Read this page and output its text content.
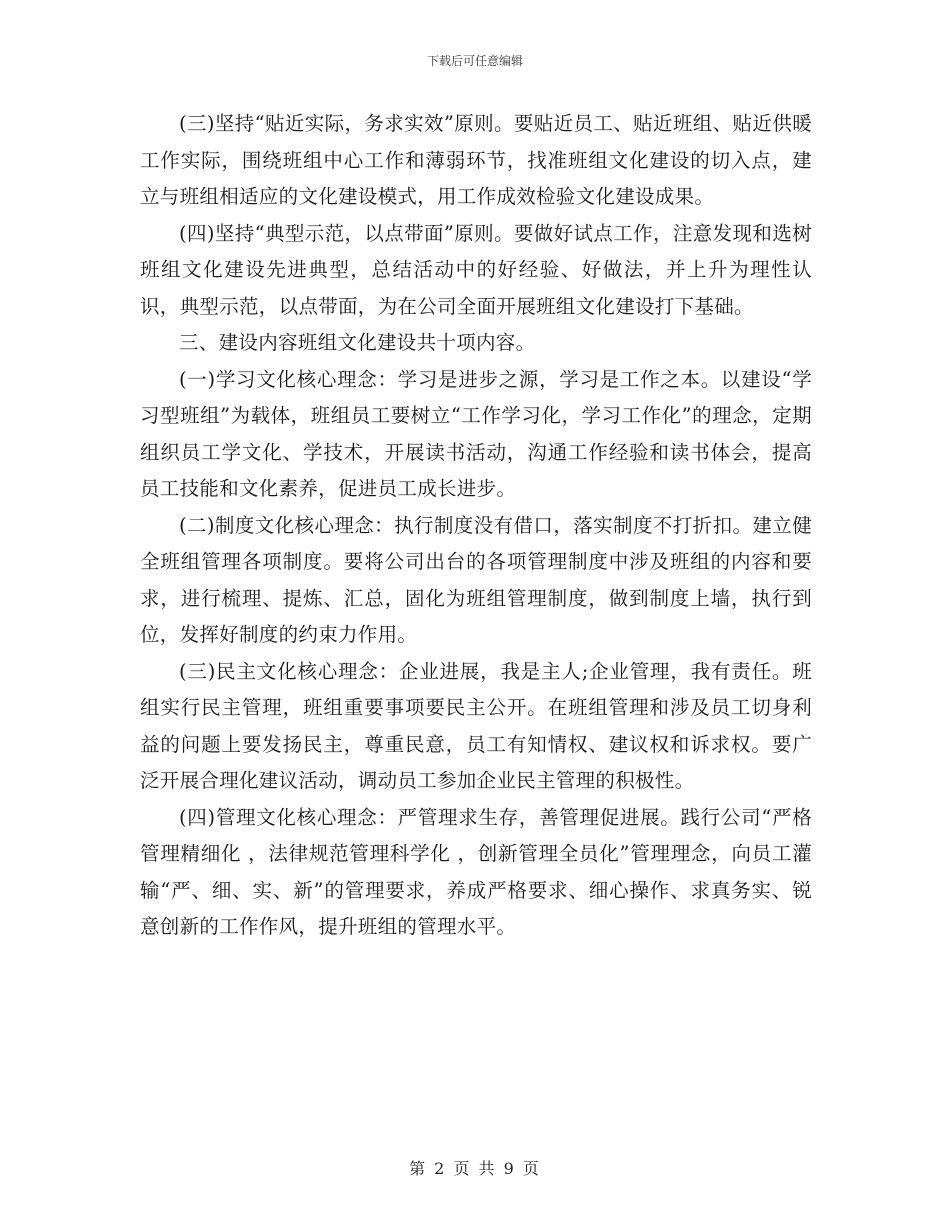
下载后可任意编辑

(三)坚持“贴近实际，务求实效”原则。要贴近员工、贴近班组、贴近供暖工作实际，围绕班组中心工作和薄弱环节，找准班组文化建设的切入点，建立与班组相适应的文化建设模式，用工作成效检验文化建设成果。

(四)坚持“典型示范，以点带面”原则。要做好试点工作，注意发现和选树班组文化建设先进典型，总结活动中的好经验、好做法，并上升为理性认识，典型示范，以点带面，为在公司全面开展班组文化建设打下基础。

三、建设内容班组文化建设共十项内容。

(一)学习文化核心理念：学习是进步之源，学习是工作之本。以建设“学习型班组”为载体，班组员工要树立“工作学习化，学习工作化”的理念，定期组织员工学文化、学技术，开展读书活动，沟通工作经验和读书体会，提高员工技能和文化素养，促进员工成长进步。

(二)制度文化核心理念：执行制度没有借口，落实制度不打折扣。建立健全班组管理各项制度。要将公司出台的各项管理制度中涉及班组的内容和要求，进行梳理、提炼、汇总，固化为班组管理制度，做到制度上墙，执行到位，发挥好制度的约束力作用。

(三)民主文化核心理念：企业进展，我是主人;企业管理，我有责任。班组实行民主管理，班组重要事项要民主公开。在班组管理和涉及员工切身利益的问题上要发扬民主，尊重民意，员工有知情权、建议权和诉求权。要广泛开展合理化建议活动，调动员工参加企业民主管理的积极性。

(四)管理文化核心理念：严管理求生存，善管理促进展。践行公司“严格管理精细化 ，法律规范管理科学化 ，创新管理全员化”管理理念，向员工灌输“严、细、实、新”的管理要求，养成严格要求、细心操作、求真务实、锐意创新的工作作风，提升班组的管理水平。

第 2 页 共 9 页
